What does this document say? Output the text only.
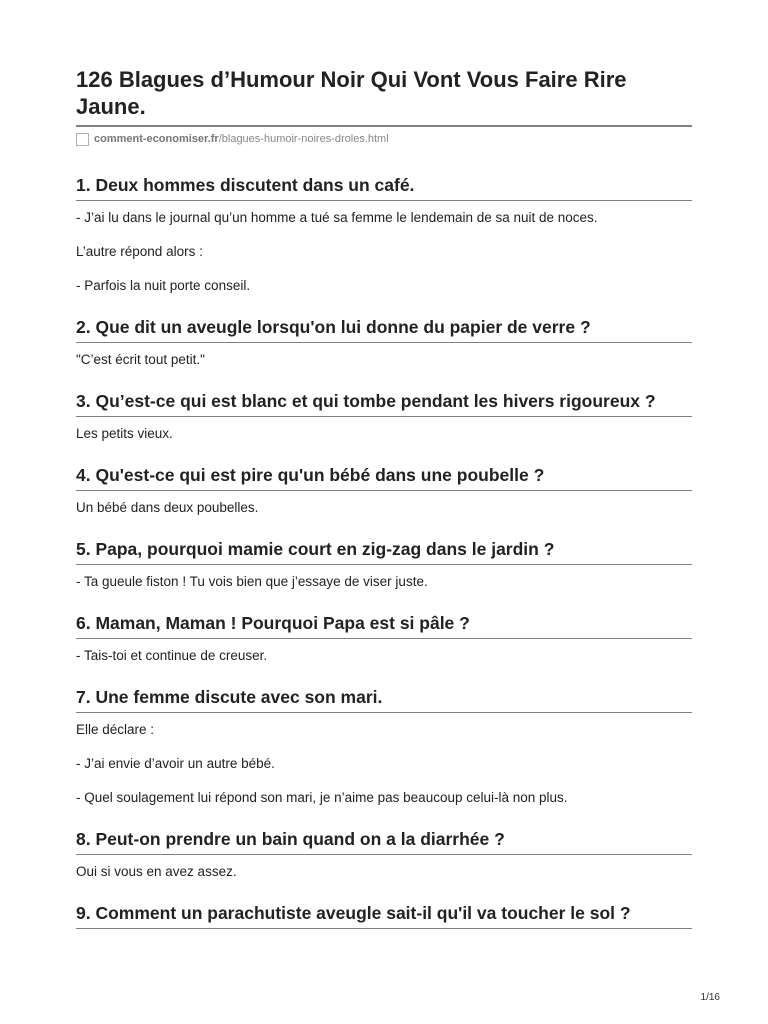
126 Blagues d’Humour Noir Qui Vont Vous Faire Rire Jaune.
comment-economiser.fr/blagues-humoir-noires-droles.html
1. Deux hommes discutent dans un café.

- J’ai lu dans le journal qu’un homme a tué sa femme le lendemain de sa nuit de noces.

L’autre répond alors :

- Parfois la nuit porte conseil.

2. Que dit un aveugle lorsqu'on lui donne du papier de verre ?

"C’est écrit tout petit."

3. Qu’est-ce qui est blanc et qui tombe pendant les hivers rigoureux ?

Les petits vieux.

4. Qu'est-ce qui est pire qu'un bébé dans une poubelle ?

Un bébé dans deux poubelles.

5. Papa, pourquoi mamie court en zig-zag dans le jardin ?

- Ta gueule fiston ! Tu vois bien que j’essaye de viser juste.

6. Maman, Maman ! Pourquoi Papa est si pâle ?

- Tais-toi et continue de creuser.

7. Une femme discute avec son mari.

Elle déclare :

- J’ai envie d’avoir un autre bébé.

- Quel soulagement lui répond son mari, je n’aime pas beaucoup celui-là non plus.

8. Peut-on prendre un bain quand on a la diarrhée ?

Oui si vous en avez assez.

9. Comment un parachutiste aveugle sait-il qu'il va toucher le sol ?
1/16
